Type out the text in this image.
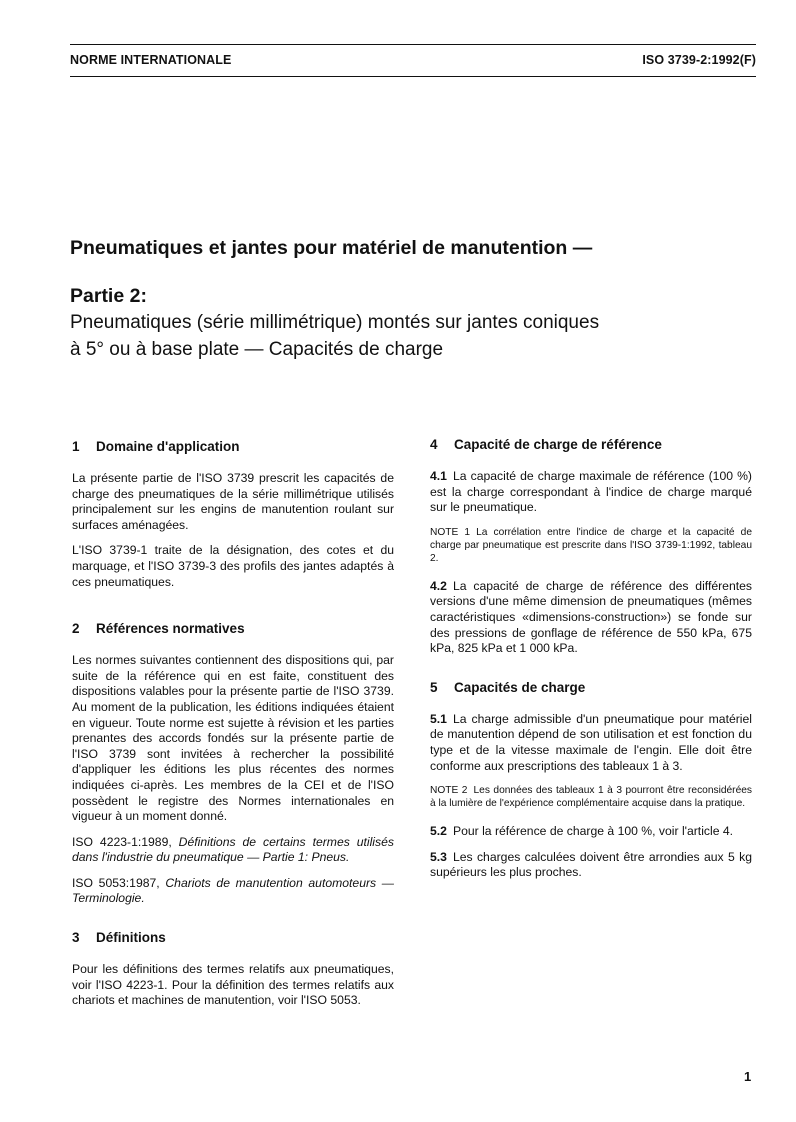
NORME INTERNATIONALE	ISO 3739-2:1992(F)
Pneumatiques et jantes pour matériel de manutention —
Partie 2:
Pneumatiques (série millimétrique) montés sur jantes coniques
à 5° ou à base plate — Capacités de charge
1 Domaine d'application

La présente partie de l'ISO 3739 prescrit les capacités de charge des pneumatiques de la série millimétrique utilisés principalement sur les engins de manutention roulant sur surfaces aménagées.

L'ISO 3739-1 traite de la désignation, des cotes et du marquage, et l'ISO 3739-3 des profils des jantes adaptés à ces pneumatiques.

2 Références normatives

Les normes suivantes contiennent des dispositions qui, par suite de la référence qui en est faite, constituent des dispositions valables pour la présente partie de l'ISO 3739. Au moment de la publication, les éditions indiquées étaient en vigueur. Toute norme est sujette à révision et les parties prenantes des accords fondés sur la présente partie de l'ISO 3739 sont invitées à rechercher la possibilité d'appliquer les éditions les plus récentes des normes indiquées ci-après. Les membres de la CEI et de l'ISO possèdent le registre des Normes internationales en vigueur à un moment donné.

ISO 4223-1:1989, Définitions de certains termes utilisés dans l'industrie du pneumatique — Partie 1: Pneus.

ISO 5053:1987, Chariots de manutention automoteurs — Terminologie.

3 Définitions

Pour les définitions des termes relatifs aux pneumatiques, voir l'ISO 4223-1. Pour la définition des termes relatifs aux chariots et machines de manutention, voir l'ISO 5053.

4 Capacité de charge de référence

4.1 La capacité de charge maximale de référence (100 %) est la charge correspondant à l'indice de charge marqué sur le pneumatique.

NOTE 1 La corrélation entre l'indice de charge et la capacité de charge par pneumatique est prescrite dans l'ISO 3739-1:1992, tableau 2.

4.2 La capacité de charge de référence des différentes versions d'une même dimension de pneumatiques (mêmes caractéristiques «dimensions-construction») se fonde sur des pressions de gonflage de référence de 550 kPa, 675 kPa, 825 kPa et 1 000 kPa.

5 Capacités de charge

5.1 La charge admissible d'un pneumatique pour matériel de manutention dépend de son utilisation et est fonction du type et de la vitesse maximale de l'engin. Elle doit être conforme aux prescriptions des tableaux 1 à 3.

NOTE 2 Les données des tableaux 1 à 3 pourront être reconsidérées à la lumière de l'expérience complémentaire acquise dans la pratique.

5.2 Pour la référence de charge à 100 %, voir l'article 4.

5.3 Les charges calculées doivent être arrondies aux 5 kg supérieurs les plus proches.

1
